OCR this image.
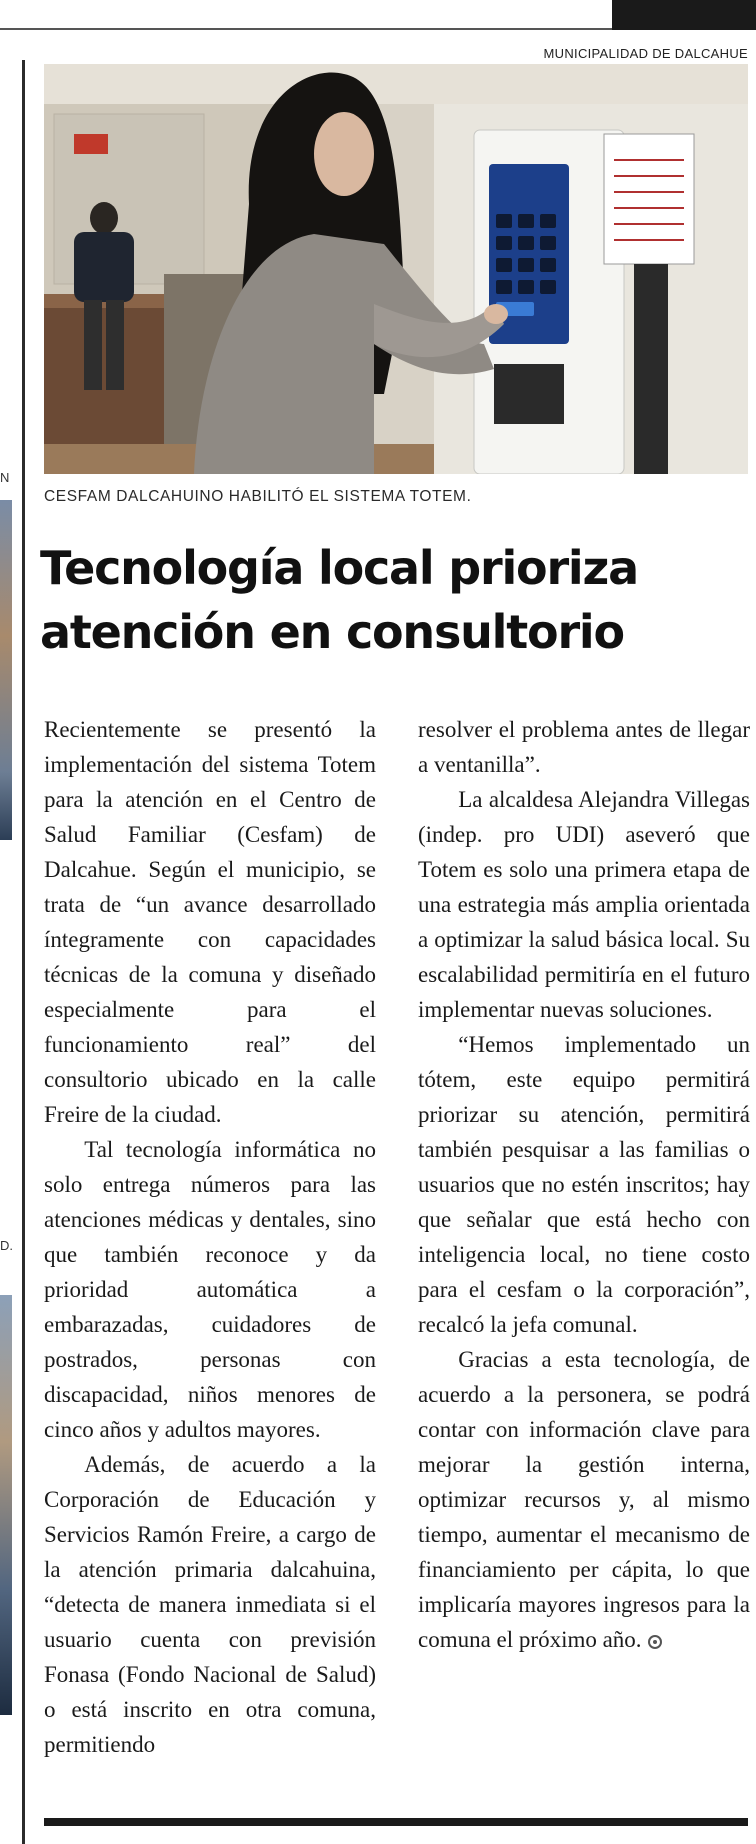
N
D.
MUNICIPALIDAD DE DALCAHUE
CESFAM DALCAHUINO HABILITÓ EL SISTEMA TOTEM.
Tecnología local prioriza atención en consultorio

Recientemente se presentó la implementación del sistema Totem para la atención en el Centro de Salud Familiar (Cesfam) de Dalcahue. Según el municipio, se trata de “un avance desarrollado íntegramente con capacidades técnicas de la comuna y diseñado especialmente para el funcionamiento real” del consultorio ubicado en la calle Freire de la ciudad.

Tal tecnología informática no solo entrega números para las atenciones médicas y dentales, sino que también reconoce y da prioridad automática a embarazadas, cuidadores de postrados, personas con discapacidad, niños menores de cinco años y adultos mayores.

Además, de acuerdo a la Corporación de Educación y Servicios Ramón Freire, a cargo de la atención primaria dalcahuina, “detecta de manera inmediata si el usuario cuenta con previsión Fonasa (Fondo Nacional de Salud) o está inscrito en otra comuna, permitiendo

resolver el problema antes de llegar a ventanilla”.

La alcaldesa Alejandra Villegas (indep. pro UDI) aseveró que Totem es solo una primera etapa de una estrategia más amplia orientada a optimizar la salud básica local. Su escalabilidad permitiría en el futuro implementar nuevas soluciones.

“Hemos implementado un tótem, este equipo permitirá priorizar su atención, permitirá también pesquisar a las familias o usuarios que no estén inscritos; hay que señalar que está hecho con inteligencia local, no tiene costo para el cesfam o la corporación”, recalcó la jefa comunal.

Gracias a esta tecnología, de acuerdo a la personera, se podrá contar con información clave para mejorar la gestión interna, optimizar recursos y, al mismo tiempo, aumentar el mecanismo de financiamiento per cápita, lo que implicaría mayores ingresos para la comuna el próximo año.
